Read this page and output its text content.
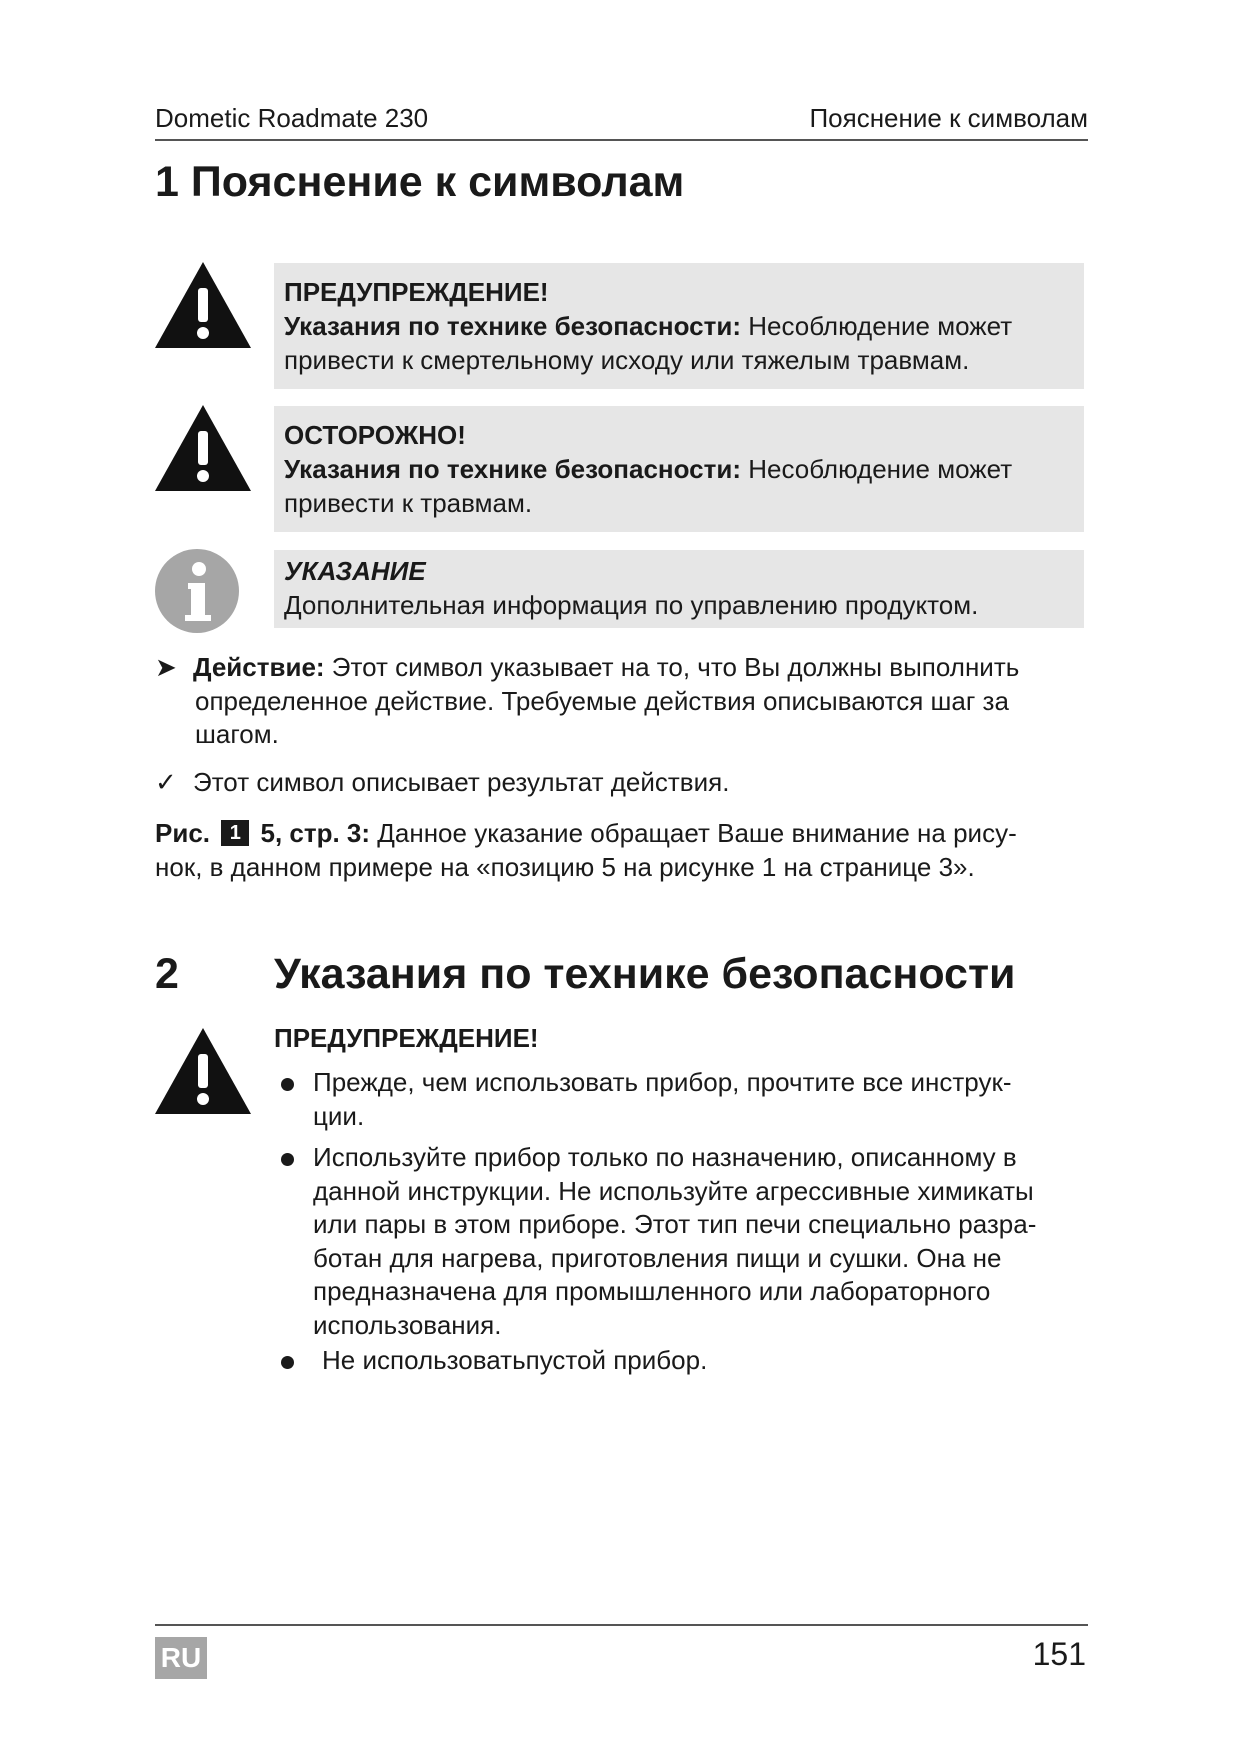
Dometic Roadmate 230	Пояснение к символам
1 Пояснение к символам
ПРЕДУПРЕЖДЕНИЕ!
Указания по технике безопасности: Несоблюдение может
привести к смертельному исходу или тяжелым травмам.
ОСТОРОЖНО!
Указания по технике безопасности: Несоблюдение может
привести к травмам.
УКАЗАНИЕ
Дополнительная информация по управлению продуктом.
➤ Действие: Этот символ указывает на то, что Вы должны выполнить
определенное действие. Требуемые действия описываются шаг за
шагом.
✓ Этот символ описывает результат действия.
Рис. 1 5, стр. 3: Данное указание обращает Ваше внимание на рису-
нок, в данном примере на «позицию 5 на рисунке 1 на странице 3».
2 Указания по технике безопасности
ПРЕДУПРЕЖДЕНИЕ!
Прежде, чем использовать прибор, прочтите все инструк-
ции.
Используйте прибор только по назначению, описанному в
данной инструкции. Не используйте агрессивные химикаты
или пары в этом приборе. Этот тип печи специально разра-
ботан для нагрева, приготовления пищи и сушки. Она не
предназначена для промышленного или лабораторного
использования.
Не использоватьпустой прибор.
RU	151
